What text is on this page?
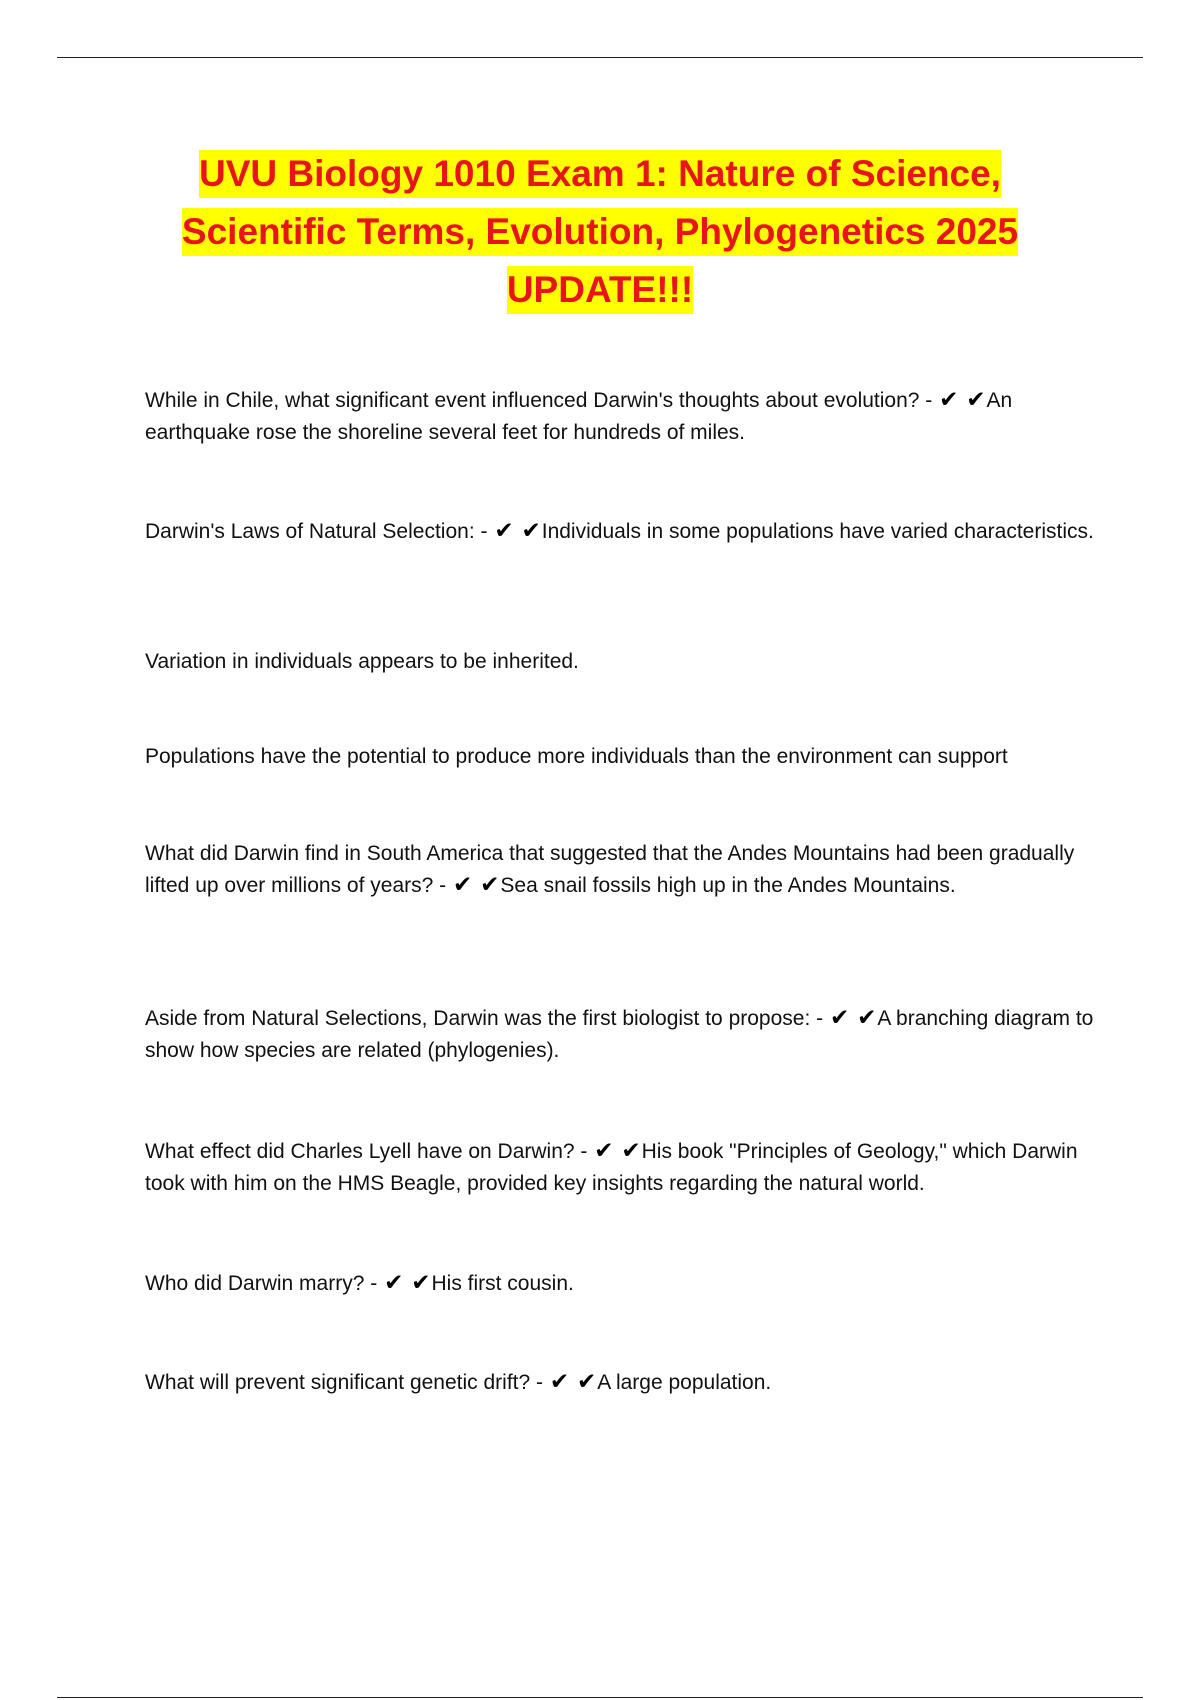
UVU Biology 1010 Exam 1: Nature of Science,
Scientific Terms, Evolution, Phylogenetics 2025
UPDATE!!!

While in Chile, what significant event influenced Darwin's thoughts about evolution? - ✔ ✔An earthquake rose the shoreline several feet for hundreds of miles.

Darwin's Laws of Natural Selection: - ✔ ✔Individuals in some populations have varied characteristics.

Variation in individuals appears to be inherited.

Populations have the potential to produce more individuals than the environment can support

What did Darwin find in South America that suggested that the Andes Mountains had been gradually lifted up over millions of years? - ✔ ✔Sea snail fossils high up in the Andes Mountains.

Aside from Natural Selections, Darwin was the first biologist to propose: - ✔ ✔A branching diagram to show how species are related (phylogenies).

What effect did Charles Lyell have on Darwin? - ✔ ✔His book "Principles of Geology," which Darwin took with him on the HMS Beagle, provided key insights regarding the natural world.

Who did Darwin marry? - ✔ ✔His first cousin.

What will prevent significant genetic drift? - ✔ ✔A large population.
